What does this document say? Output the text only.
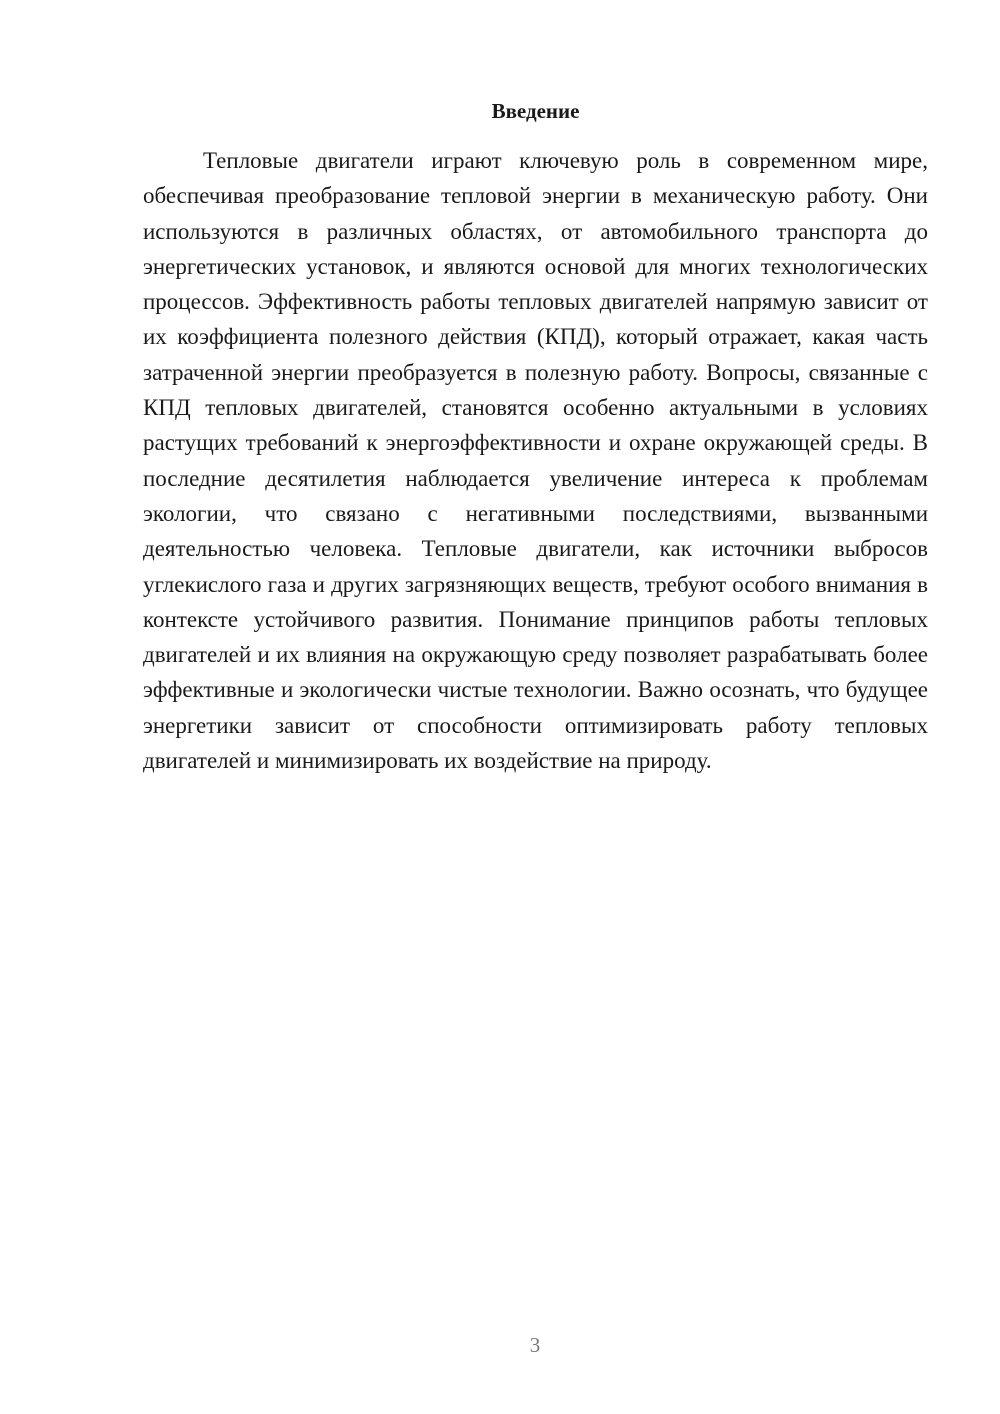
Введение

Тепловые двигатели играют ключевую роль в современном мире, обеспечивая преобразование тепловой энергии в механическую работу. Они используются в различных областях, от автомобильного транспорта до энергетических установок, и являются основой для многих технологических процессов. Эффективность работы тепловых двигателей напрямую зависит от их коэффициента полезного действия (КПД), который отражает, какая часть затраченной энергии преобразуется в полезную работу. Вопросы, связанные с КПД тепловых двигателей, становятся особенно актуальными в условиях растущих требований к энергоэффективности и охране окружающей среды. В последние десятилетия наблюдается увеличение интереса к проблемам экологии, что связано с негативными последствиями, вызванными деятельностью человека. Тепловые двигатели, как источники выбросов углекислого газа и других загрязняющих веществ, требуют особого внимания в контексте устойчивого развития. Понимание принципов работы тепловых двигателей и их влияния на окружающую среду позволяет разрабатывать более эффективные и экологически чистые технологии. Важно осознать, что будущее энергетики зависит от способности оптимизировать работу тепловых двигателей и минимизировать их воздействие на природу.

3
